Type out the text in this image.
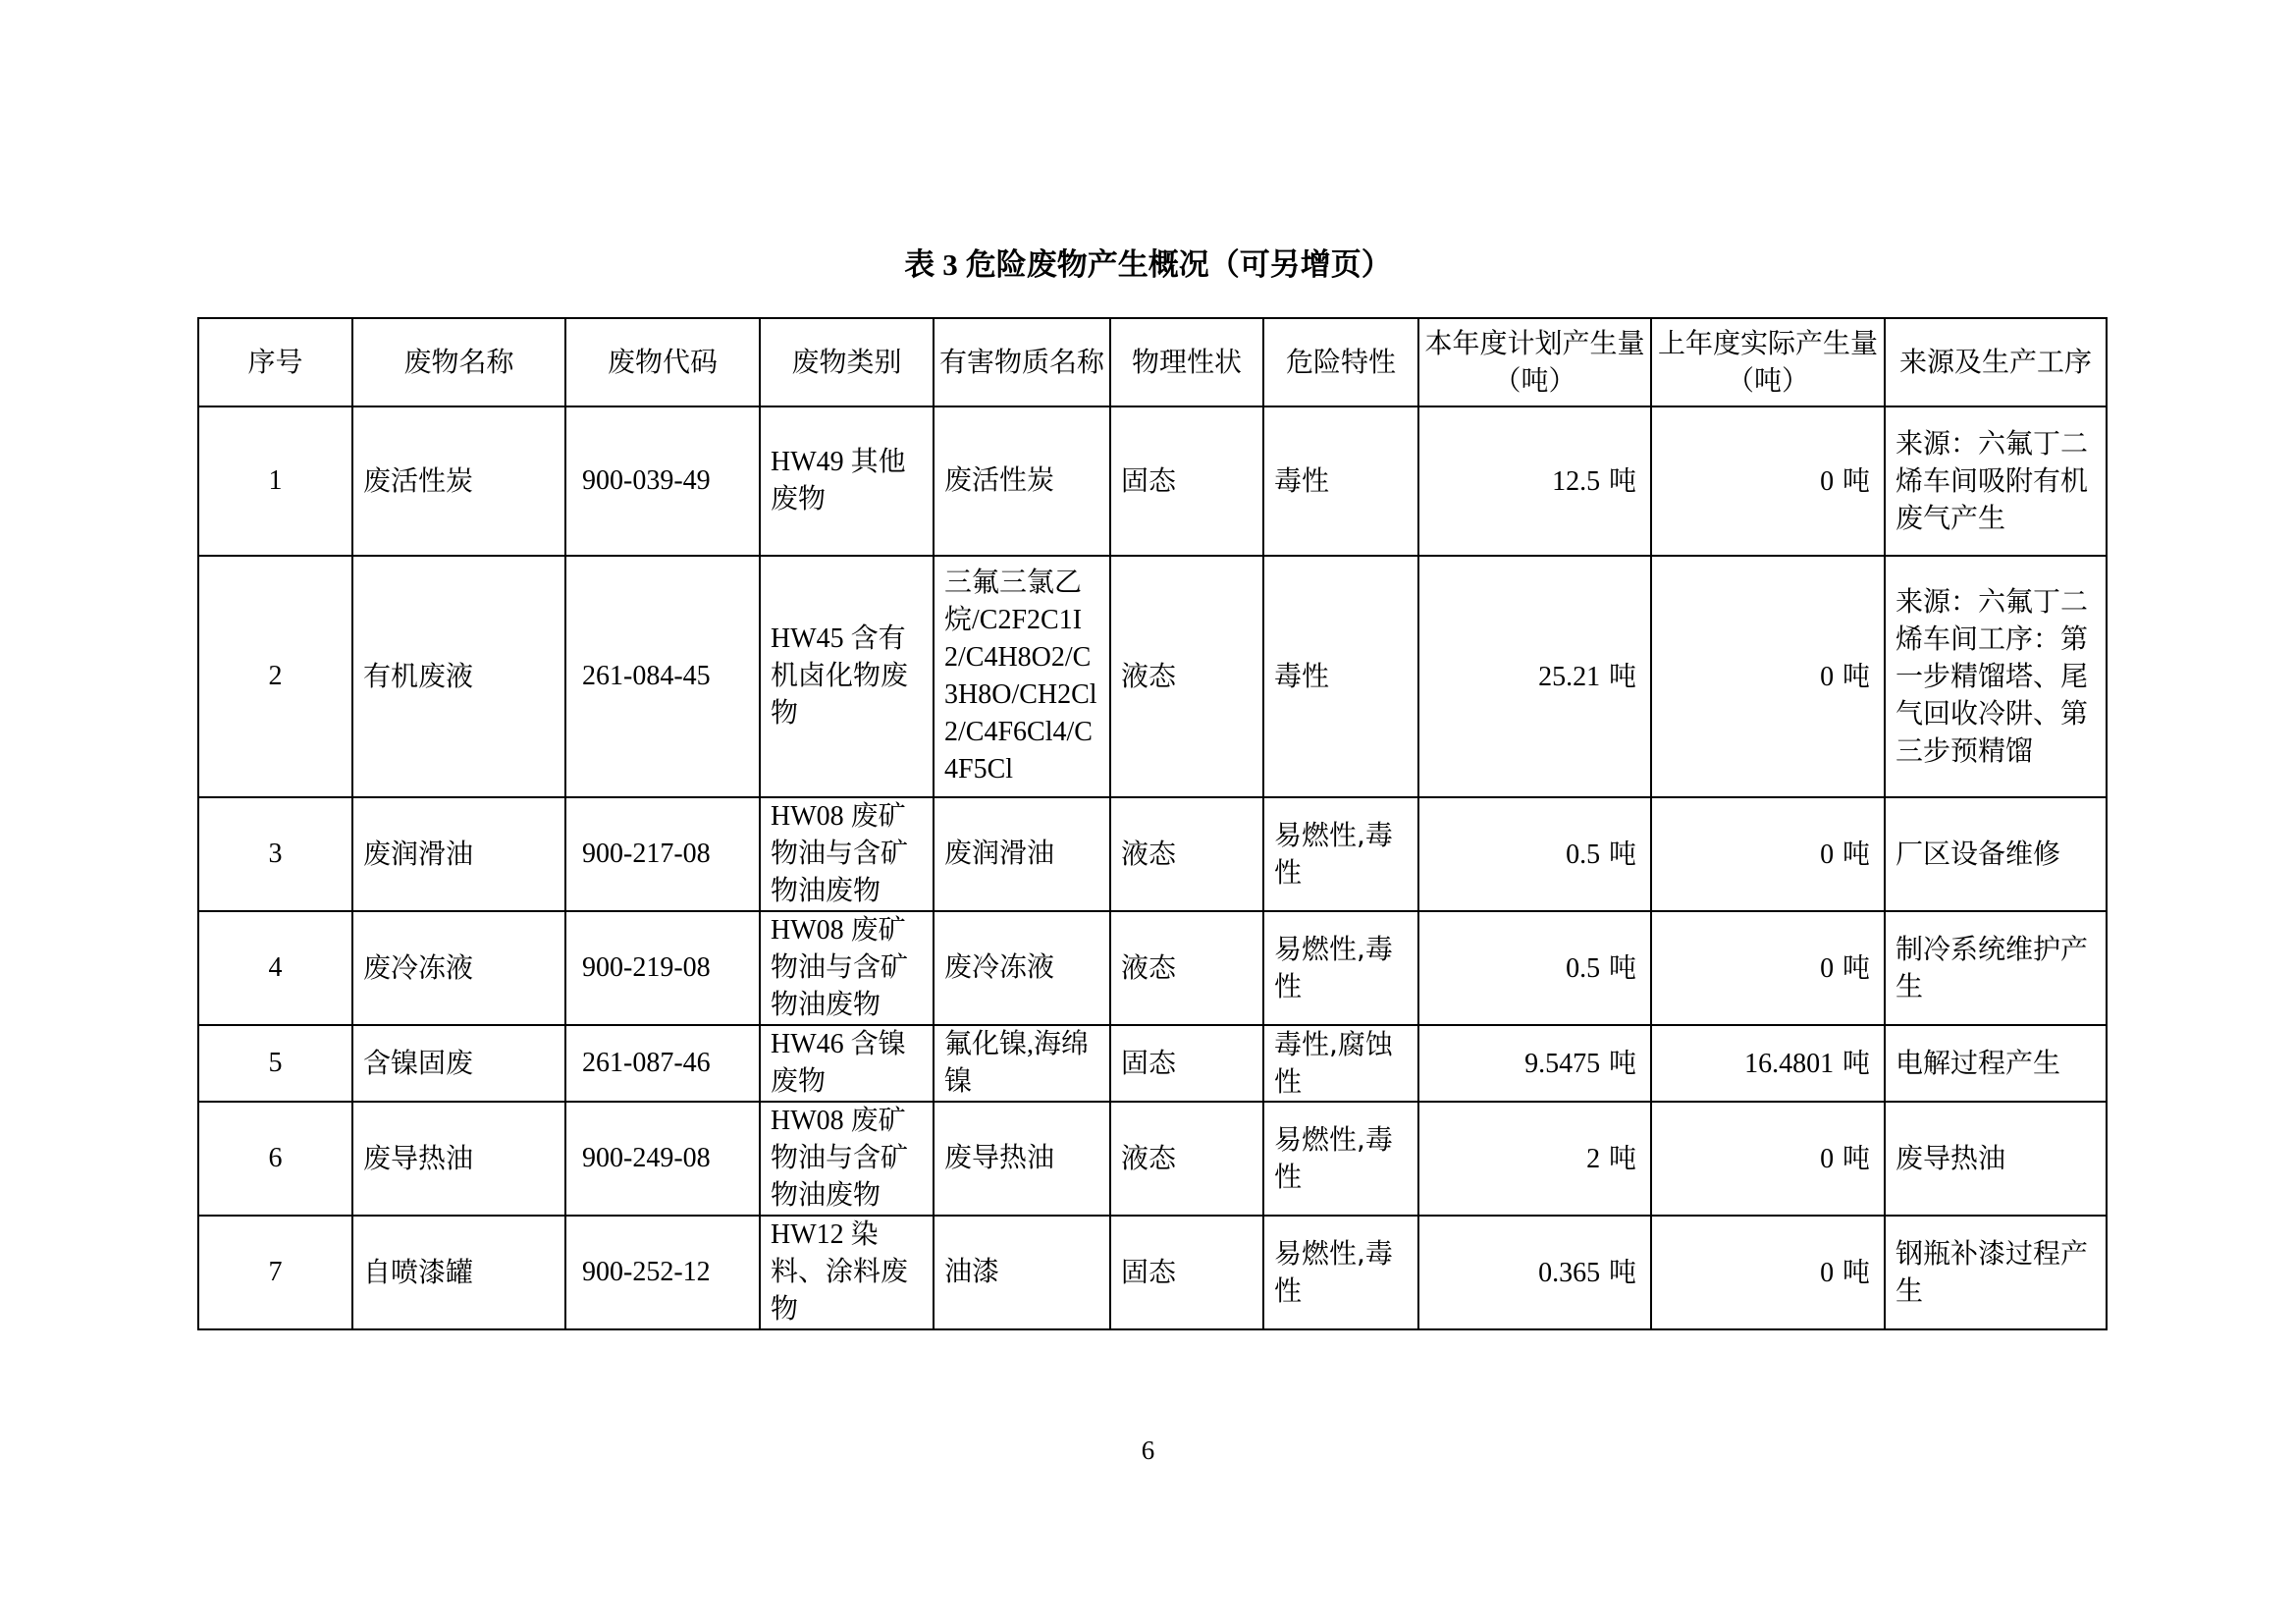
表 3 危险废物产生概况（可另增页）
序号	废物名称	废物代码	废物类别	有害物质名称	物理性状	危险特性	本年度计划产生量（吨）	上年度实际产生量（吨）	来源及生产工序
1	废活性炭	900-039-49	HW49 其他废物	废活性炭	固态	毒性	12.5 吨	0 吨	来源：六氟丁二烯车间吸附有机废气产生
2	有机废液	261-084-45	HW45 含有机卤化物废物	三氟三氯乙烷/C2F2C1I2/C4H8O2/C3H8O/CH2Cl2/C4F6Cl4/C4F5Cl	液态	毒性	25.21 吨	0 吨	来源：六氟丁二烯车间工序：第一步精馏塔、尾气回收冷阱、第三步预精馏
3	废润滑油	900-217-08	HW08 废矿物油与含矿物油废物	废润滑油	液态	易燃性,毒性	0.5 吨	0 吨	厂区设备维修
4	废冷冻液	900-219-08	HW08 废矿物油与含矿物油废物	废冷冻液	液态	易燃性,毒性	0.5 吨	0 吨	制冷系统维护产生
5	含镍固废	261-087-46	HW46 含镍废物	氟化镍,海绵镍	固态	毒性,腐蚀性	9.5475 吨	16.4801 吨	电解过程产生
6	废导热油	900-249-08	HW08 废矿物油与含矿物油废物	废导热油	液态	易燃性,毒性	2 吨	0 吨	废导热油
7	自喷漆罐	900-252-12	HW12 染料、涂料废物	油漆	固态	易燃性,毒性	0.365 吨	0 吨	钢瓶补漆过程产生
6
